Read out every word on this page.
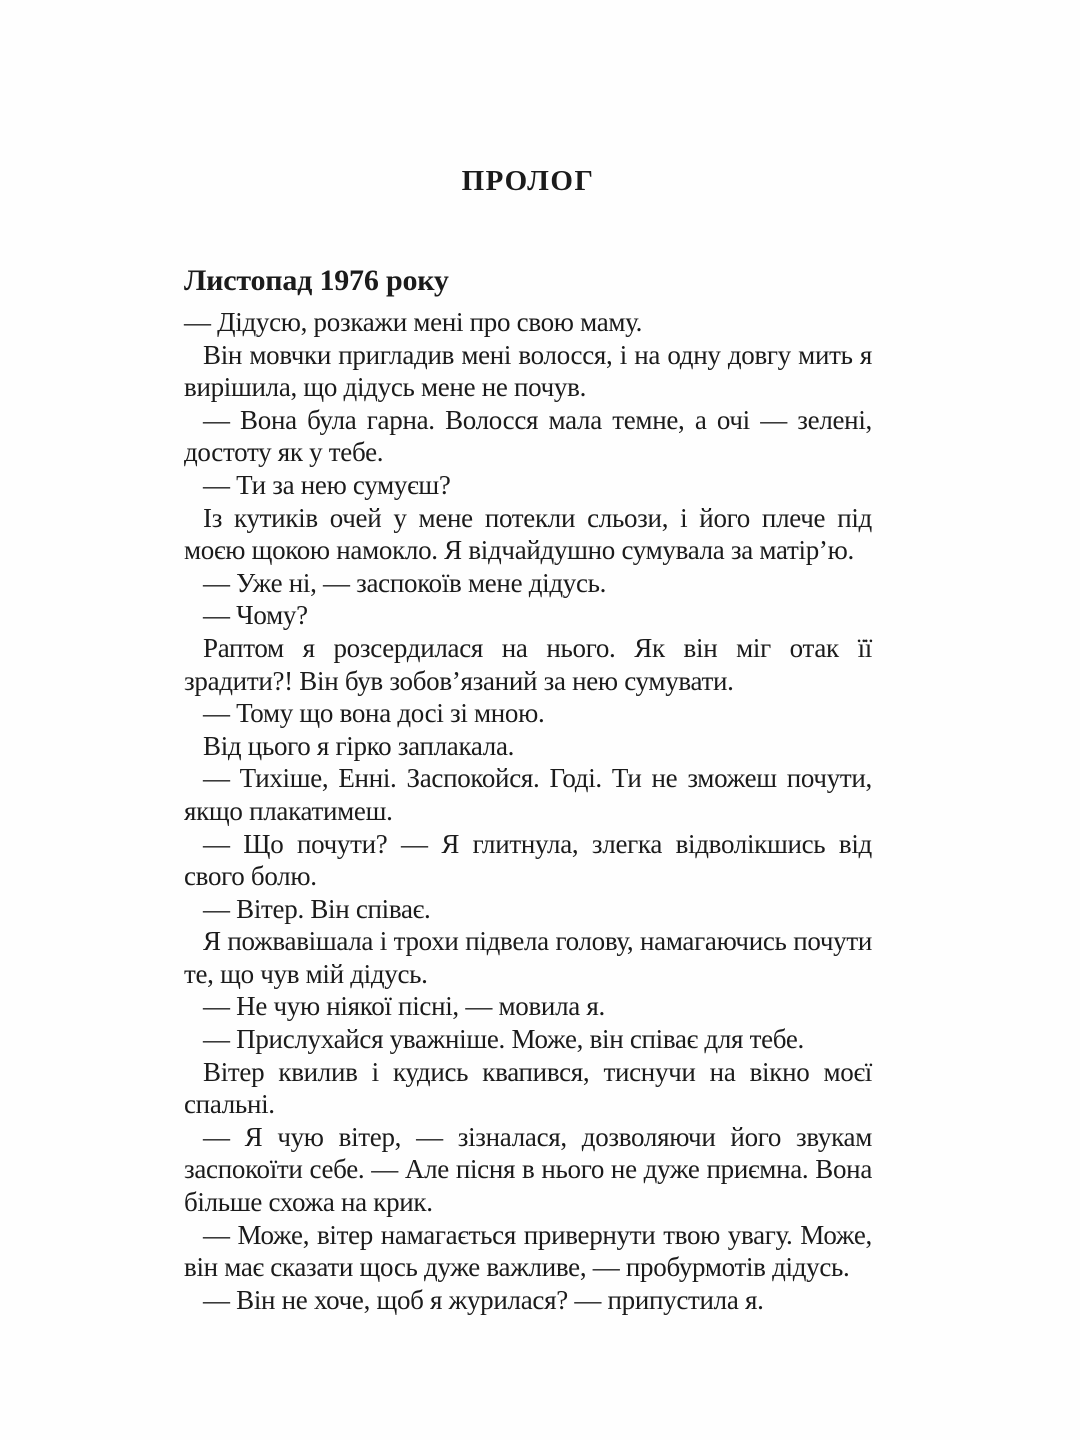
ПРОЛОГ
Листопад 1976 року

— Дідусю, розкажи мені про свою маму.

Він мовчки пригладив мені волосся, і на одну довгу мить я вирішила, що дідусь мене не почув.

— Вона була гарна. Волосся мала темне, а очі — зелені, достоту як у тебе.

— Ти за нею сумуєш?

Із кутиків очей у мене потекли сльози, і його плече під моєю щокою намокло. Я відчайдушно сумувала за матір’ю.

— Уже ні, — заспокоїв мене дідусь.

— Чому?

Раптом я розсердилася на нього. Як він міг отак її зрадити?! Він був зобов’язаний за нею сумувати.

— Тому що вона досі зі мною.

Від цього я гірко заплакала.

— Тихіше, Енні. Заспокойся. Годі. Ти не зможеш почути, якщо плакатимеш.

— Що почути? — Я глитнула, злегка відволікшись від свого болю.

— Вітер. Він співає.

Я пожвавішала і трохи підвела голову, намагаючись почути те, що чув мій дідусь.

— Не чую ніякої пісні, — мовила я.

— Прислухайся уважніше. Може, він співає для тебе.

Вітер квилив і кудись квапився, тиснучи на вікно моєї спальні.

— Я чую вітер, — зізналася, дозволяючи його звукам заспокоїти себе. — Але пісня в нього не дуже приємна. Вона більше схожа на крик.

— Може, вітер намагається привернути твою увагу. Може, він має сказати щось дуже важливе, — пробурмотів дідусь.

— Він не хоче, щоб я журилася? — припустила я.
